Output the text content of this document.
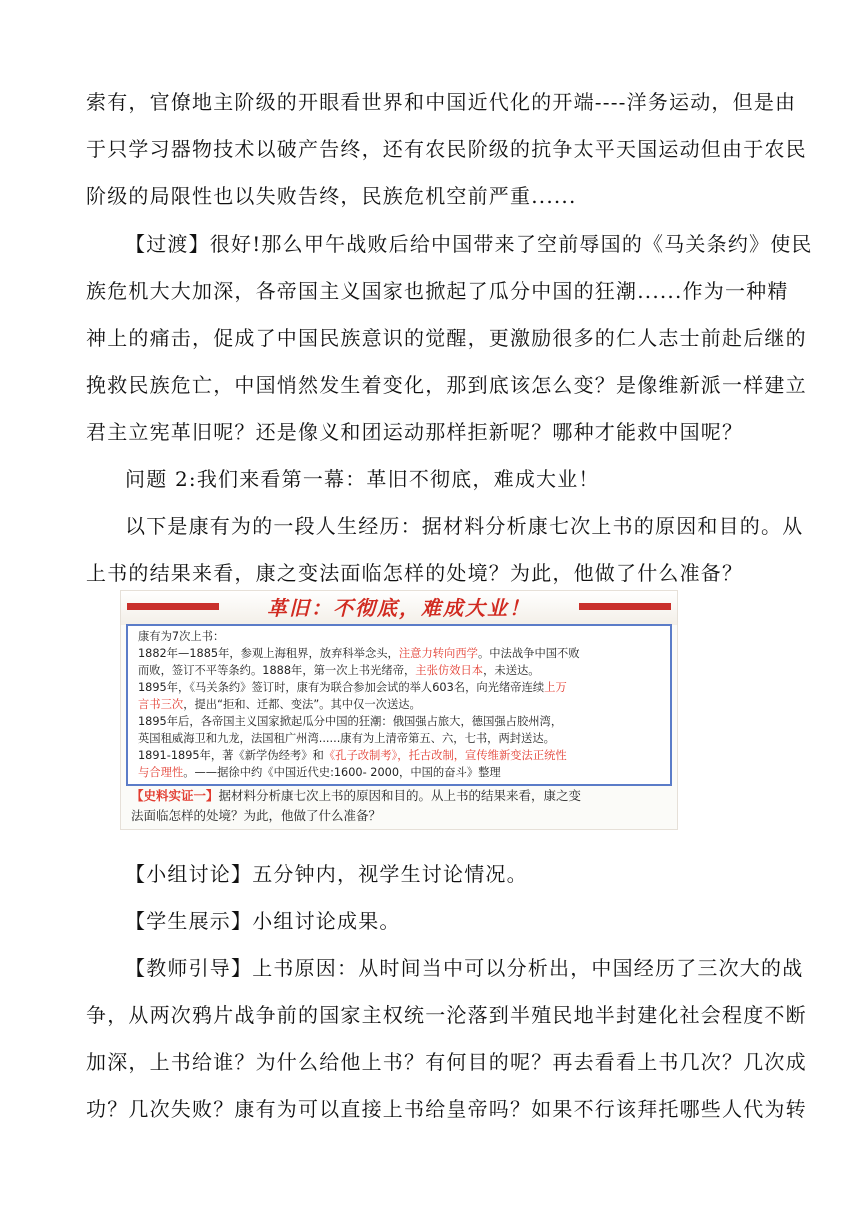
索有，官僚地主阶级的开眼看世界和中国近代化的开端----洋务运动，但是由
于只学习器物技术以破产告终，还有农民阶级的抗争太平天国运动但由于农民
阶级的局限性也以失败告终，民族危机空前严重......
【过渡】很好!那么甲午战败后给中国带来了空前辱国的《马关条约》使民
族危机大大加深，各帝国主义国家也掀起了瓜分中国的狂潮......作为一种精
神上的痛击，促成了中国民族意识的觉醒，更激励很多的仁人志士前赴后继的
挽救民族危亡，中国悄然发生着变化，那到底该怎么变？是像维新派一样建立
君主立宪革旧呢？还是像义和团运动那样拒新呢？哪种才能救中国呢？
问题 2:我们来看第一幕：革旧不彻底，难成大业！
以下是康有为的一段人生经历：据材料分析康七次上书的原因和目的。从
上书的结果来看，康之变法面临怎样的处境？为此，他做了什么准备？
革旧：不彻底，难成大业！
康有为7次上书：
1882年—1885年，参观上海租界，放弃科举念头，注意力转向西学。中法战争中国不败
而败，签订不平等条约。1888年，第一次上书光绪帝，主张仿效日本，未送达。
1895年，《马关条约》签订时，康有为联合参加会试的举人603名，向光绪帝连续上万
言书三次，提出“拒和、迁都、变法”。其中仅一次送达。
1895年后，各帝国主义国家掀起瓜分中国的狂潮：俄国强占旅大，德国强占胶州湾，
英国租威海卫和九龙，法国租广州湾......康有为上清帝第五、六，七书，两封送达。
1891-1895年，著《新学伪经考》和《孔子改制考》，托古改制，宣传维新变法正统性
与合理性。——据徐中约《中国近代史:1600- 2000，中国的奋斗》整理
【史料实证一】据材料分析康七次上书的原因和目的。从上书的结果来看，康之变
法面临怎样的处境？为此，他做了什么准备？
【小组讨论】五分钟内，视学生讨论情况。
【学生展示】小组讨论成果。
【教师引导】上书原因：从时间当中可以分析出，中国经历了三次大的战
争，从两次鸦片战争前的国家主权统一沦落到半殖民地半封建化社会程度不断
加深，上书给谁？为什么给他上书？有何目的呢？再去看看上书几次？几次成
功？几次失败？康有为可以直接上书给皇帝吗？如果不行该拜托哪些人代为转
